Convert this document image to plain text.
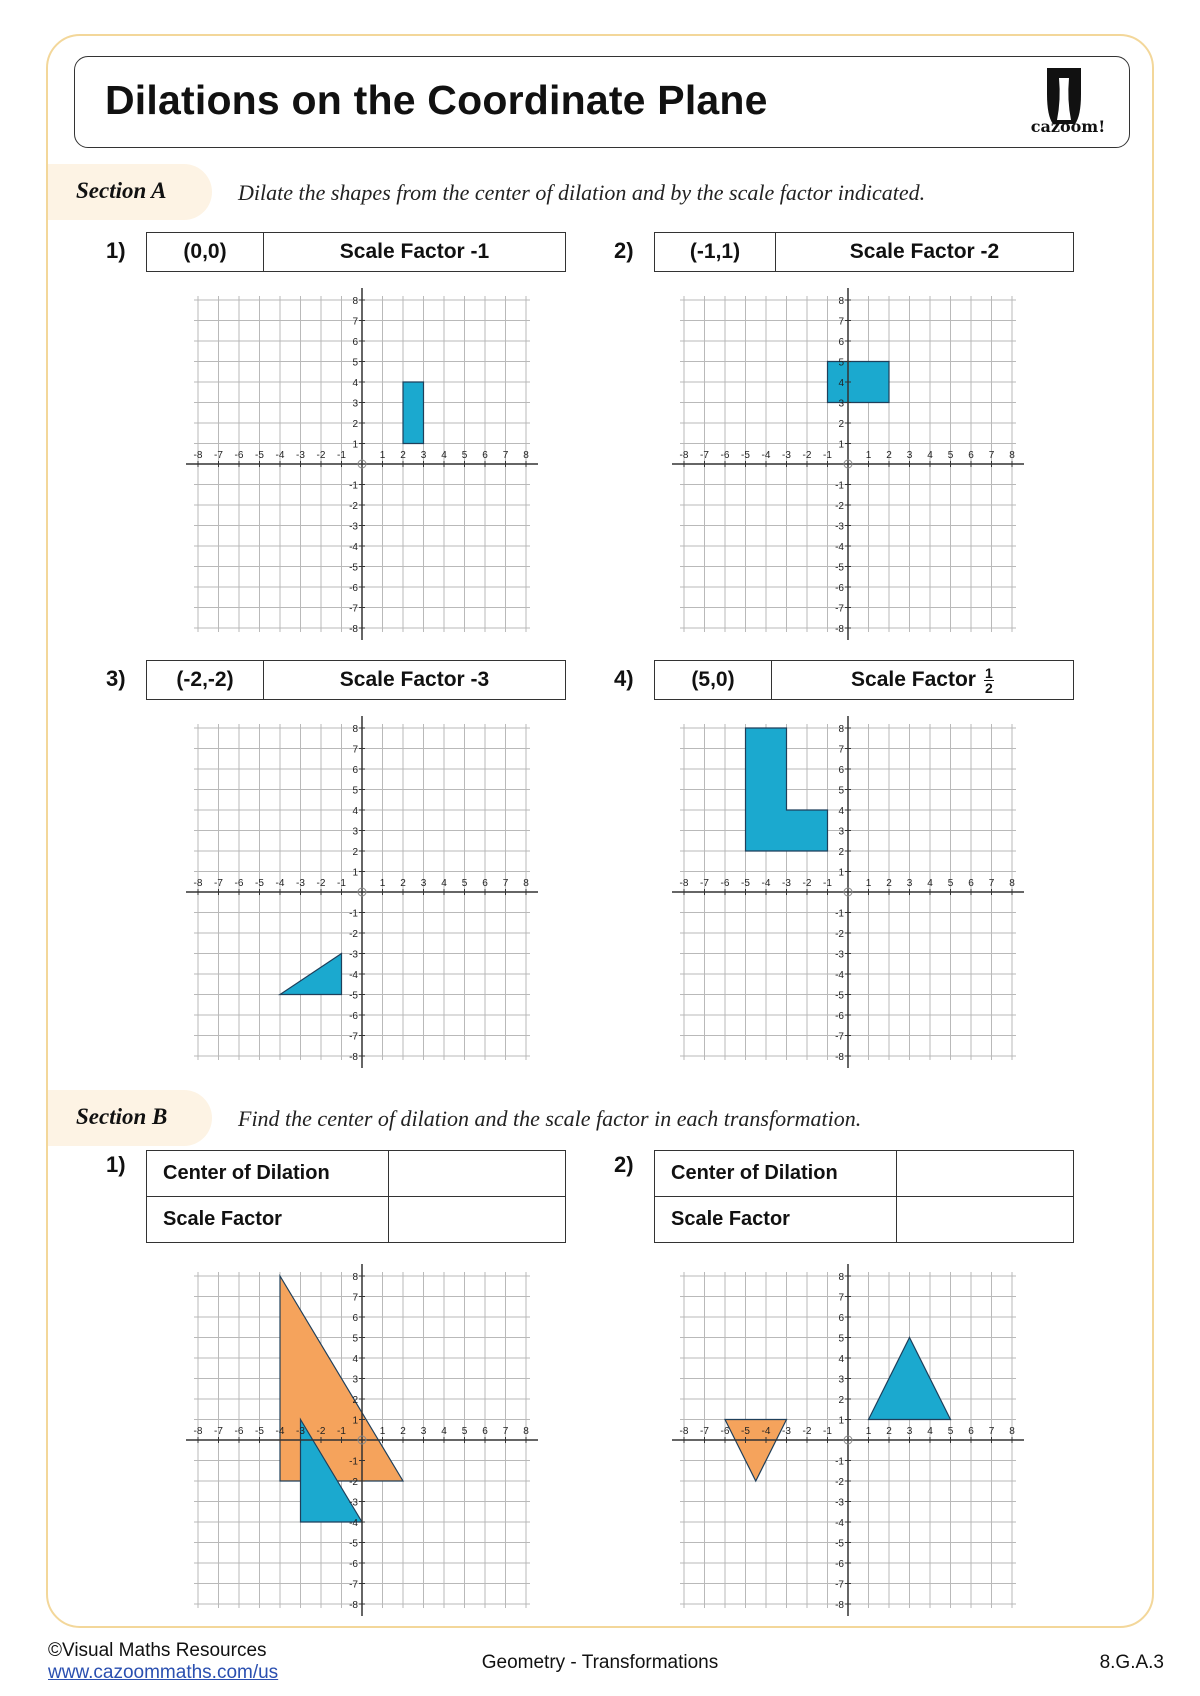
Dilations on the Coordinate Plane
cazoom!
Section A	Dilate the shapes from the center of dilation and by the scale factor indicated.
1)	(0,0)	Scale Factor -1
-8
-8
-7
-7
-6
-6
-5
-5
-4
-4
-3
-3
-2
-2
-1
-1
1
1
2
2
3
3
4
4
5
5
6
6
7
7
8
8
2)	(-1,1)	Scale Factor -2
-8
-8
-7
-7
-6
-6
-5
-5
-4
-4
-3
-3
-2
-2
-1
-1
1
1
2
2
3
3
4
4
5
5
6
6
7
7
8
8
3)	(-2,-2)	Scale Factor -3
-8
-8
-7
-7
-6
-6
-5
-5
-4
-4
-3
-3
-2
-2
-1
-1
1
1
2
2
3
3
4
4
5
5
6
6
7
7
8
8
4)	(5,0)	Scale Factor $\frac{1}{2}$
-8
-8
-7
-7
-6
-6
-5
-5
-4
-4
-3
-3
-2
-2
-1
-1
1
1
2
2
3
3
4
4
5
5
6
6
7
7
8
8
Section B	Find the center of dilation and the scale factor in each transformation.
1)	Center of Dilation
Scale Factor
-8
-8
-7
-7
-6
-6
-5
-5
-4
-4
-3
-3
-2
-2
-1
-1
1
1
2
2
3
3
4
4
5
5
6
6
7
7
8
8
2)	Center of Dilation
Scale Factor
-8
-8
-7
-7
-6
-6
-5
-5
-4
-4
-3
-3
-2
-2
-1
-1
1
1
2
2
3
3
4
4
5
5
6
6
7
7
8
8
©Visual Maths Resources
www.cazoommaths.com/us	Geometry - Transformations	8.G.A.3
